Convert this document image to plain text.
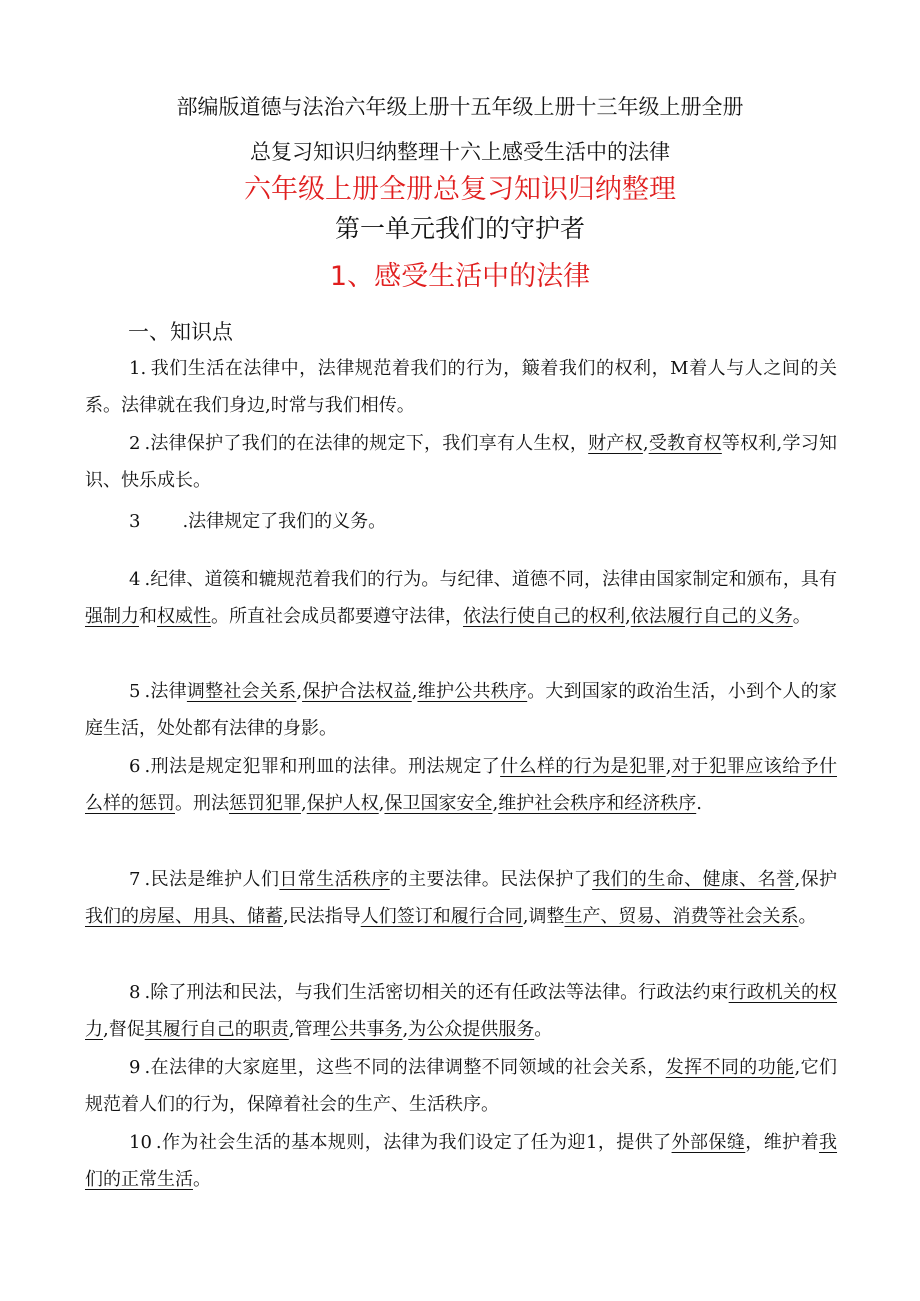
部编版道德与法治六年级上册十五年级上册十三年级上册全册
总复习知识归纳整理十六上感受生活中的法律
六年级上册全册总复习知识归纳整理
第一单元我们的守护者
1、感受生活中的法律
一、知识点
1. 我们生活在法律中，法律规范着我们的行为，簸着我们的权利，M着人与人之间的关系。法律就在我们身边,时常与我们相传。
2 .法律保护了我们的在法律的规定下，我们享有人生权，财产权,受教育权等权利,学习知识、快乐成长。
3 .法律规定了我们的义务。
4 .纪律、道篌和辘规范着我们的行为。与纪律、道德不同，法律由国家制定和颁布，具有强制力和权威性。所直社会成员都要遵守法律，依法行使自己的权利,依法履行自己的义务。
5 .法律调整社会关系,保护合法权益,维护公共秩序。大到国家的政治生活，小到个人的家庭生活，处处都有法律的身影。
6 .刑法是规定犯罪和刑皿的法律。刑法规定了什么样的行为是犯罪,对于犯罪应该给予什么样的惩罚。刑法惩罚犯罪,保护人权,保卫国家安全,维护社会秩序和经济秩序.
7 .民法是维护人们日常生活秩序的主要法律。民法保护了我们的生命、健康、名誉,保护我们的房屋、用具、储蓄,民法指导人们签订和履行合同,调整生产、贸易、消费等社会关系。
8 .除了刑法和民法，与我们生活密切相关的还有任政法等法律。行政法约束行政机关的权力,督促其履行自己的职责,管理公共事务,为公众提供服务。
9 .在法律的大家庭里，这些不同的法律调整不同领域的社会关系，发挥不同的功能,它们规范着人们的行为，保障着社会的生产、生活秩序。
10 .作为社会生活的基本规则，法律为我们设定了任为迎1，提供了外部保缝，维护着我们的正常生活。
